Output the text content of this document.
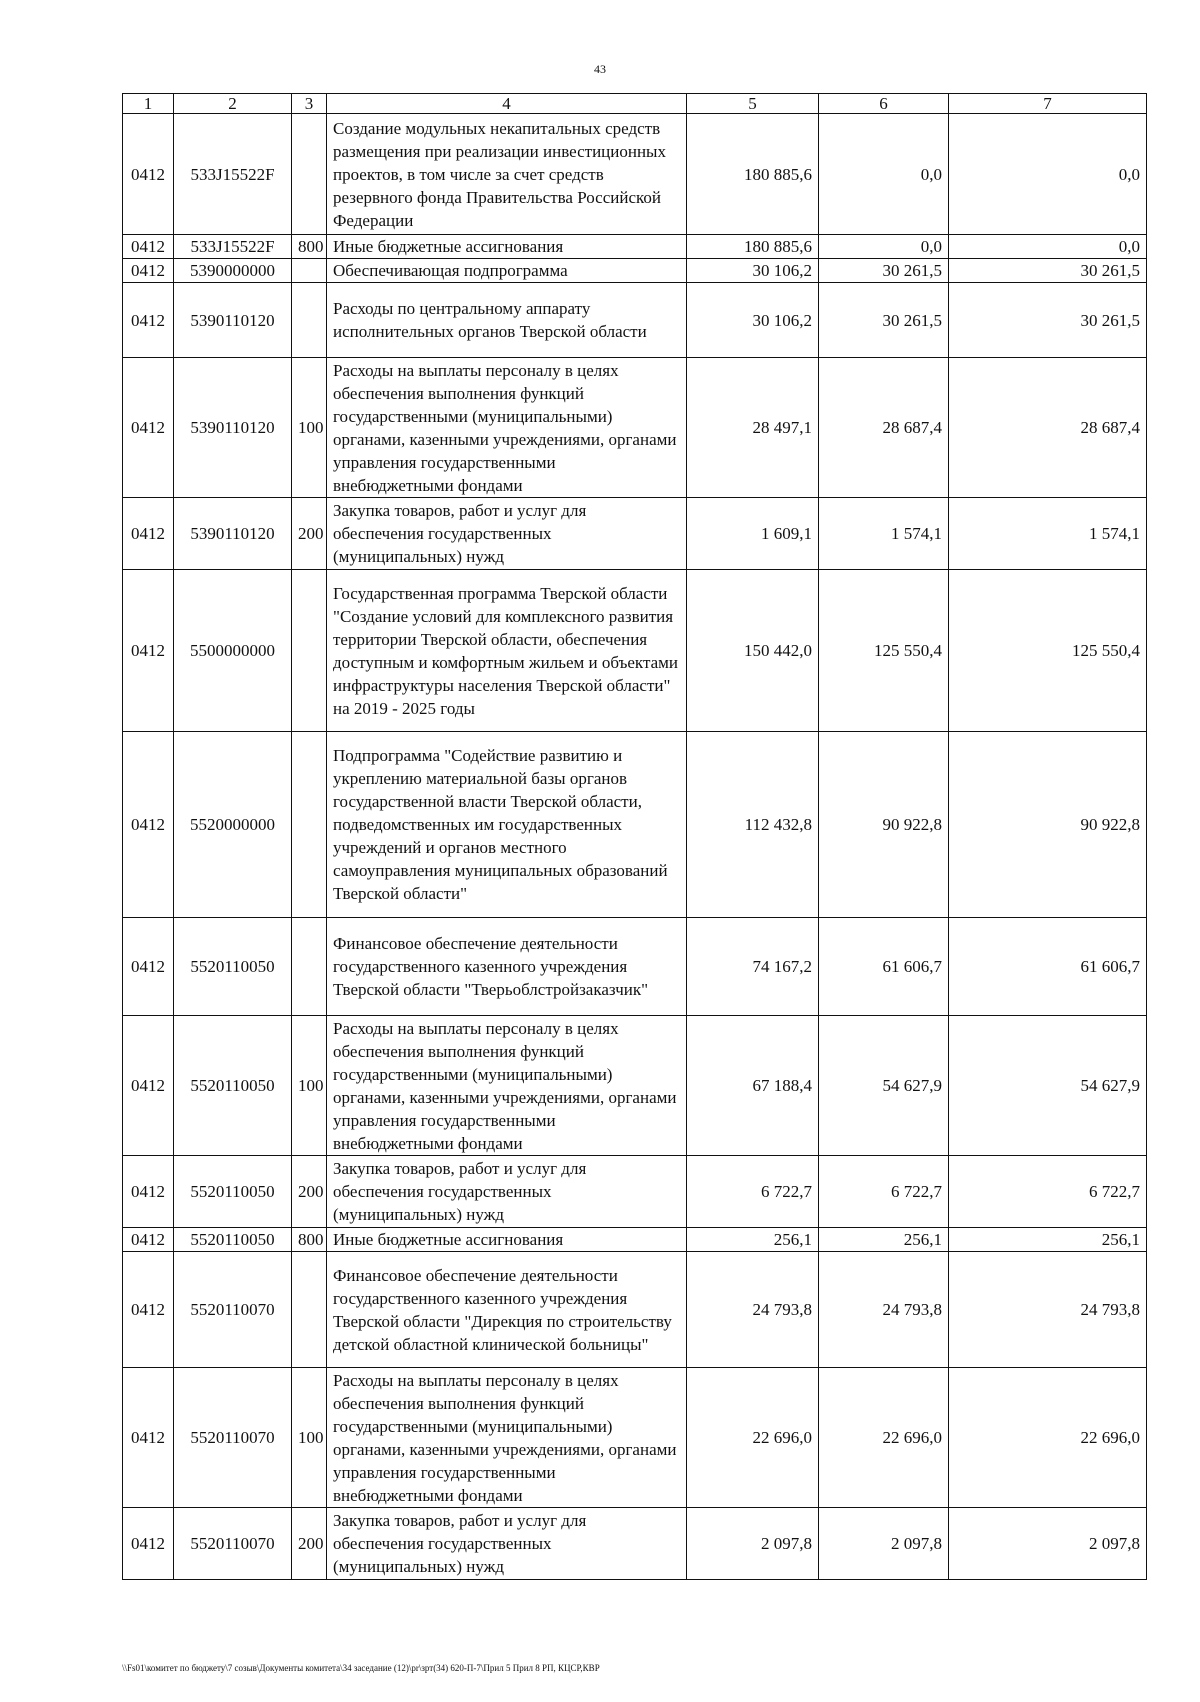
43
1	2	3	4	5	6	7
0412	533J15522F		Создание модульных некапитальных средств размещения при реализации инвестиционных проектов, в том числе за счет средств резервного фонда Правительства Российской Федерации	180 885,6	0,0	0,0
0412	533J15522F	800	Иные бюджетные ассигнования	180 885,6	0,0	0,0
0412	5390000000		Обеспечивающая подпрограмма	30 106,2	30 261,5	30 261,5
0412	5390110120		Расходы по центральному аппарату исполнительных органов Тверской области	30 106,2	30 261,5	30 261,5
0412	5390110120	100	Расходы на выплаты персоналу в целях обеспечения выполнения функций государственными (муниципальными) органами, казенными учреждениями, органами управления государственными внебюджетными фондами	28 497,1	28 687,4	28 687,4
0412	5390110120	200	Закупка товаров, работ и услуг для обеспечения государственных (муниципальных) нужд	1 609,1	1 574,1	1 574,1
0412	5500000000		Государственная программа Тверской области "Создание условий для комплексного развития территории Тверской области, обеспечения доступным и комфортным жильем и объектами инфраструктуры населения Тверской области" на 2019 - 2025 годы	150 442,0	125 550,4	125 550,4
0412	5520000000		Подпрограмма "Содействие развитию и укреплению материальной базы органов государственной власти Тверской области, подведомственных им государственных учреждений и органов местного самоуправления муниципальных образований Тверской области"	112 432,8	90 922,8	90 922,8
0412	5520110050		Финансовое обеспечение деятельности государственного казенного учреждения Тверской области "Тверьоблстройзаказчик"	74 167,2	61 606,7	61 606,7
0412	5520110050	100	Расходы на выплаты персоналу в целях обеспечения выполнения функций государственными (муниципальными) органами, казенными учреждениями, органами управления государственными внебюджетными фондами	67 188,4	54 627,9	54 627,9
0412	5520110050	200	Закупка товаров, работ и услуг для обеспечения государственных (муниципальных) нужд	6 722,7	6 722,7	6 722,7
0412	5520110050	800	Иные бюджетные ассигнования	256,1	256,1	256,1
0412	5520110070		Финансовое обеспечение деятельности государственного казенного учреждения Тверской области "Дирекция по строительству детской областной клинической больницы"	24 793,8	24 793,8	24 793,8
0412	5520110070	100	Расходы на выплаты персоналу в целях обеспечения выполнения функций государственными (муниципальными) органами, казенными учреждениями, органами управления государственными внебюджетными фондами	22 696,0	22 696,0	22 696,0
0412	5520110070	200	Закупка товаров, работ и услуг для обеспечения государственных (муниципальных) нужд	2 097,8	2 097,8	2 097,8
\\Fs01\комитет по бюджету\7 созыв\Документы комитета\34 заседание (12)\pr\зрт(34) 620-П-7\Прил 5 Прил 8 РП, КЦСР,КВР
